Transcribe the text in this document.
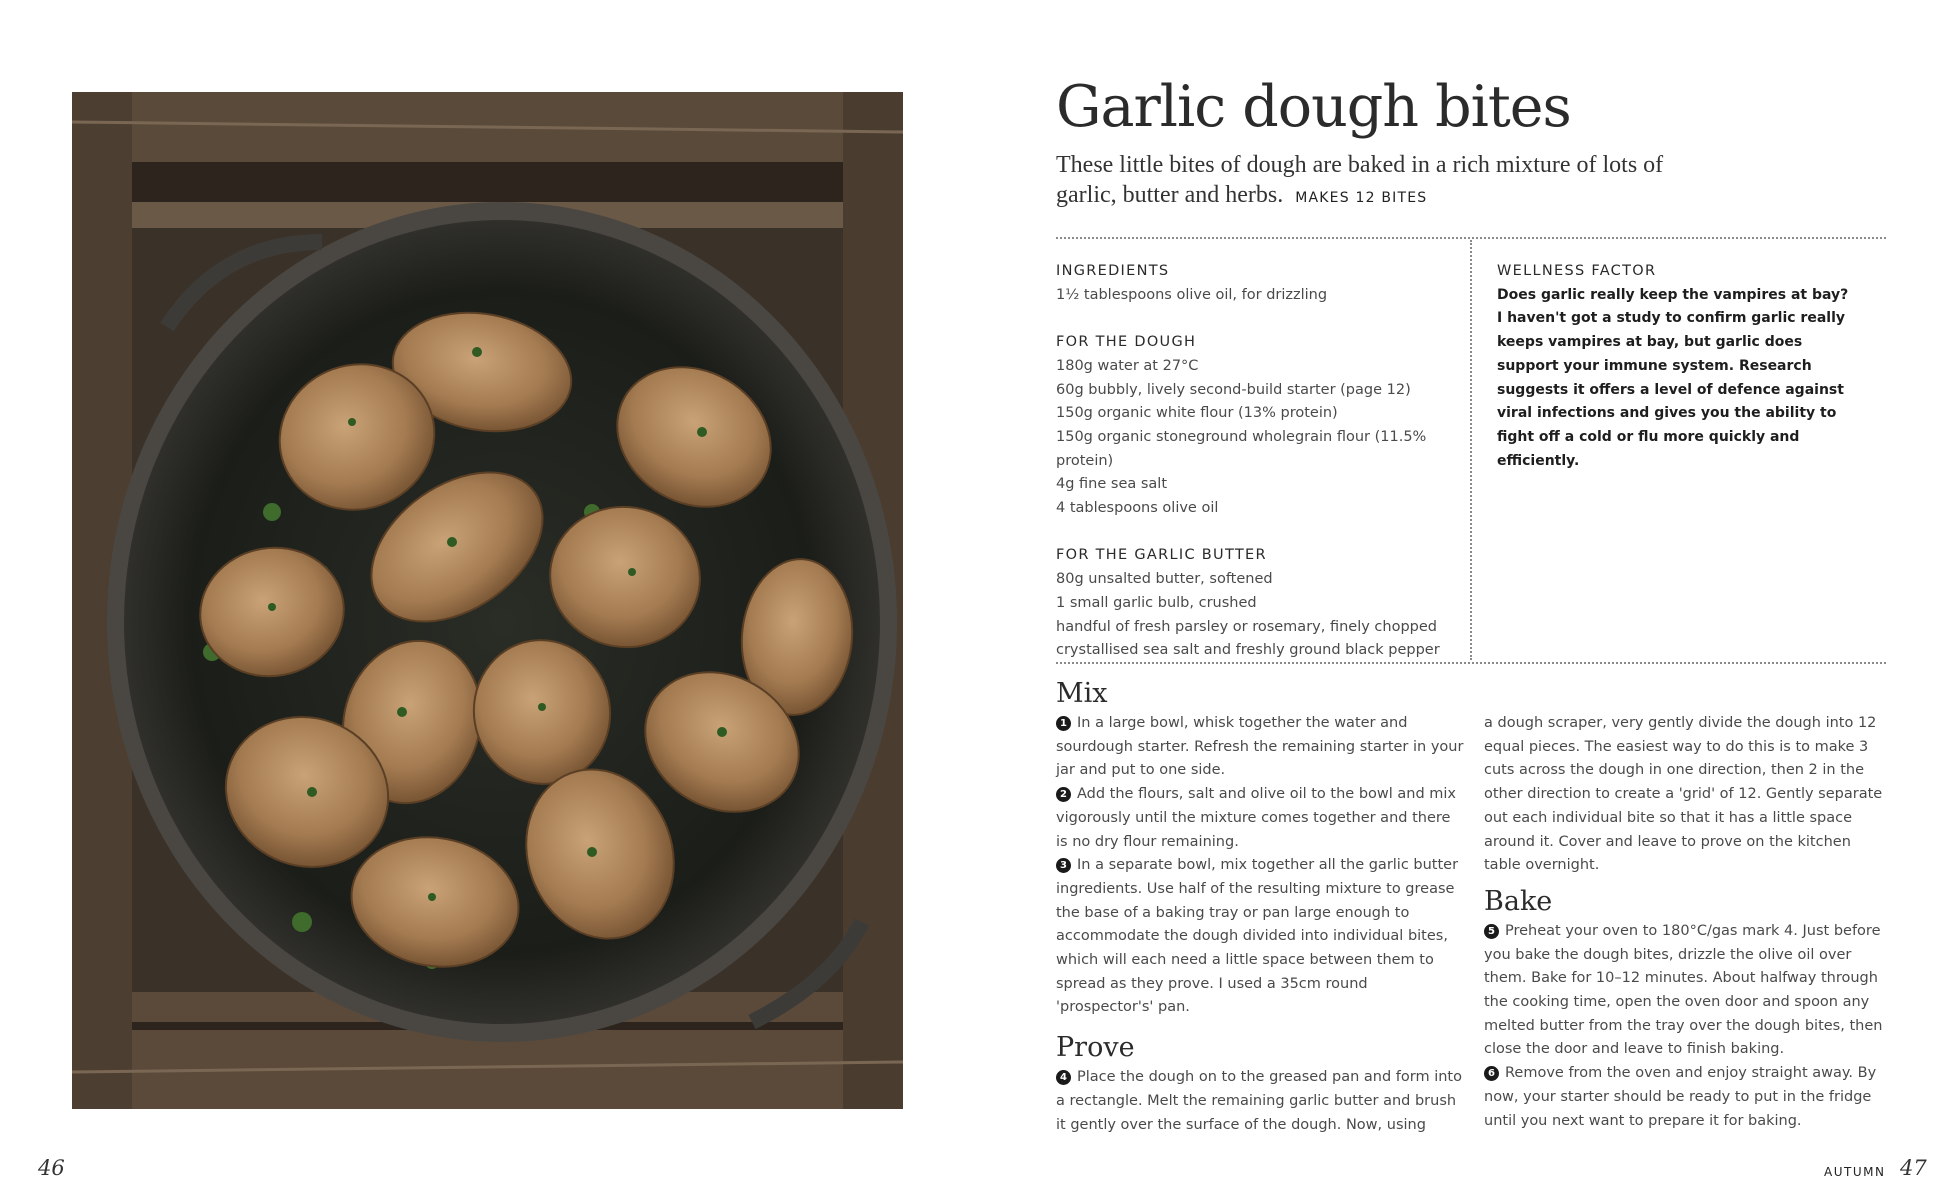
Garlic dough bites
These little bites of dough are baked in a rich mixture of lots of garlic, butter and herbs. MAKES 12 BITES
INGREDIENTS
1½ tablespoons olive oil, for drizzling
FOR THE DOUGH
180g water at 27°C
60g bubbly, lively second-build starter (page 12)
150g organic white flour (13% protein)
150g organic stoneground wholegrain flour (11.5% protein)
4g fine sea salt
4 tablespoons olive oil
FOR THE GARLIC BUTTER
80g unsalted butter, softened
1 small garlic bulb, crushed
handful of fresh parsley or rosemary, finely chopped
crystallised sea salt and freshly ground black pepper
WELLNESS FACTOR
Does garlic really keep the vampires at bay? I haven't got a study to confirm garlic really keeps vampires at bay, but garlic does support your immune system. Research suggests it offers a level of defence against viral infections and gives you the ability to fight off a cold or flu more quickly and efficiently.
Mix

1 In a large bowl, whisk together the water and sourdough starter. Refresh the remaining starter in your jar and put to one side.

2 Add the flours, salt and olive oil to the bowl and mix vigorously until the mixture comes together and there is no dry flour remaining.

3 In a separate bowl, mix together all the garlic butter ingredients. Use half of the resulting mixture to grease the base of a baking tray or pan large enough to accommodate the dough divided into individual bites, which will each need a little space between them to spread as they prove. I used a 35cm round 'prospector's' pan.

Prove

4 Place the dough on to the greased pan and form into a rectangle. Melt the remaining garlic butter and brush it gently over the surface of the dough. Now, using

a dough scraper, very gently divide the dough into 12 equal pieces. The easiest way to do this is to make 3 cuts across the dough in one direction, then 2 in the other direction to create a 'grid' of 12. Gently separate out each individual bite so that it has a little space around it. Cover and leave to prove on the kitchen table overnight.

Bake

5 Preheat your oven to 180°C/gas mark 4. Just before you bake the dough bites, drizzle the olive oil over them. Bake for 10–12 minutes. About halfway through the cooking time, open the oven door and spoon any melted butter from the tray over the dough bites, then close the door and leave to finish baking.

6 Remove from the oven and enjoy straight away. By now, your starter should be ready to put in the fridge until you next want to prepare it for baking.

46	AUTUMN 47
